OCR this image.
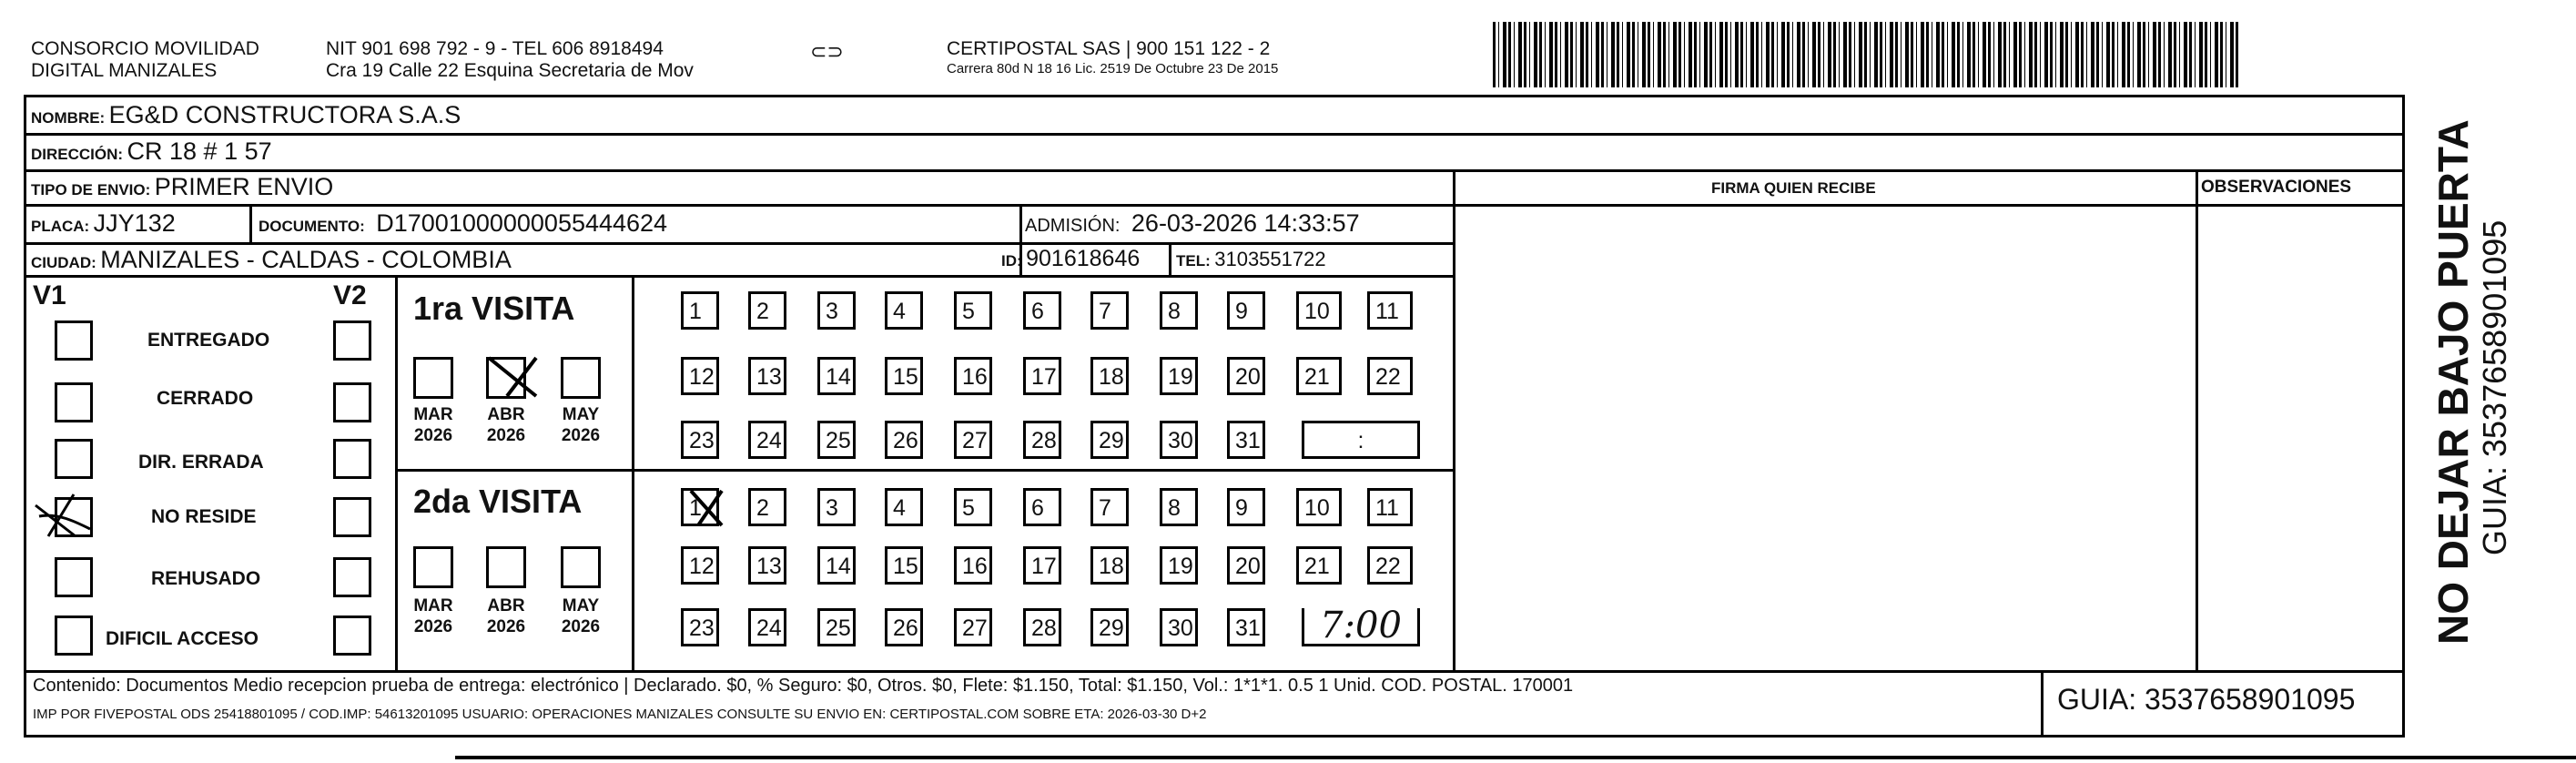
CONSORCIO MOVILIDAD
DIGITAL MANIZALES
NIT 901 698 792 - 9 - TEL 606 8918494
Cra 19 Calle 22 Esquina Secretaria de Mov
⊂⊃	CERTIPOSTAL SAS | 900 151 122 - 2
Carrera 80d N 18 16 Lic. 2519 De Octubre 23 De 2015
NOMBRE: EG&D CONSTRUCTORA S.A.S
DIRECCIÓN: CR 18 # 1 57
TIPO DE ENVIO: PRIMER ENVIO	FIRMA QUIEN RECIBE	OBSERVACIONES
PLACA: JJY132	DOCUMENTO: D17001000000055444624	ADMISIÓN: 26-03-2026 14:33:57
CIUDAD: MANIZALES - CALDAS - COLOMBIA	ID: 901618646 TEL: 3103551722
V1	V2
ENTREGADO
CERRADO
DIR. ERRADA
NO RESIDE
REHUSADO
DIFICIL ACCESO
1ra VISITA
MAR
2026
ABR
2026
MAY
2026
2da VISITA
MAR
2026
ABR
2026
MAY
2026
1	2	3	4	5	6	7	8	9	10	11
12	13	14	15	16	17	18	19	20	21	22
23	24	25	26	27	28	29	30	31	:
1	2	3	4	5	6	7	8	9	10	11
12	13	14	15	16	17	18	19	20	21	22
23	24	25	26	27	28	29	30	31	7:00	NO DEJAR BAJO PUERTA GUIA: 3537658901095
Contenido: Documentos Medio recepcion prueba de entrega: electrónico | Declarado. $0, % Seguro: $0, Otros. $0, Flete: $1.150, Total: $1.150, Vol.: 1*1*1. 0.5 1 Unid. COD. POSTAL. 170001
IMP POR FIVEPOSTAL ODS 25418801095 / COD.IMP: 54613201095 USUARIO: OPERACIONES MANIZALES CONSULTE SU ENVIO EN: CERTIPOSTAL.COM SOBRE ETA: 2026-03-30 D+2	GUIA: 3537658901095
